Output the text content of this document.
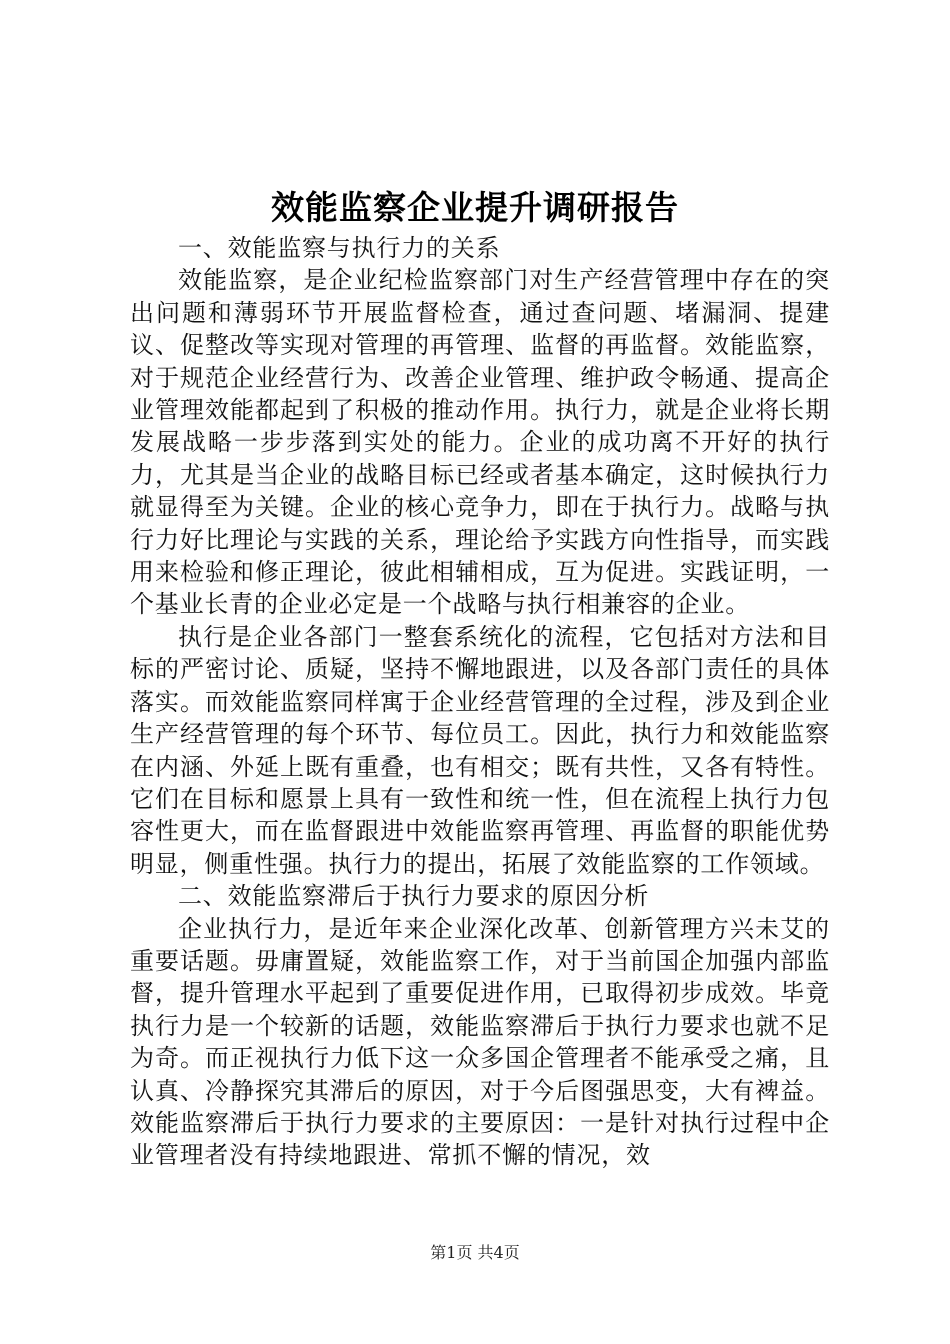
效能监察企业提升调研报告

一、效能监察与执行力的关系

效能监察，是企业纪检监察部门对生产经营管理中存在的突出问题和薄弱环节开展监督检查，通过查问题、堵漏洞、提建议、促整改等实现对管理的再管理、监督的再监督。效能监察，对于规范企业经营行为、改善企业管理、维护政令畅通、提高企业管理效能都起到了积极的推动作用。执行力，就是企业将长期发展战略一步步落到实处的能力。企业的成功离不开好的执行力，尤其是当企业的战略目标已经或者基本确定，这时候执行力就显得至为关键。企业的核心竞争力，即在于执行力。战略与执行力好比理论与实践的关系，理论给予实践方向性指导，而实践用来检验和修正理论，彼此相辅相成，互为促进。实践证明，一个基业长青的企业必定是一个战略与执行相兼容的企业。

执行是企业各部门一整套系统化的流程，它包括对方法和目标的严密讨论、质疑，坚持不懈地跟进，以及各部门责任的具体落实。而效能监察同样寓于企业经营管理的全过程，涉及到企业生产经营管理的每个环节、每位员工。因此，执行力和效能监察在内涵、外延上既有重叠，也有相交；既有共性，又各有特性。它们在目标和愿景上具有一致性和统一性，但在流程上执行力包容性更大，而在监督跟进中效能监察再管理、再监督的职能优势明显，侧重性强。执行力的提出，拓展了效能监察的工作领域。

二、效能监察滞后于执行力要求的原因分析

企业执行力，是近年来企业深化改革、创新管理方兴未艾的重要话题。毋庸置疑，效能监察工作，对于当前国企加强内部监督，提升管理水平起到了重要促进作用，已取得初步成效。毕竟执行力是一个较新的话题，效能监察滞后于执行力要求也就不足为奇。而正视执行力低下这一众多国企管理者不能承受之痛，且认真、冷静探究其滞后的原因，对于今后图强思变，大有裨益。效能监察滞后于执行力要求的主要原因：一是针对执行过程中企业管理者没有持续地跟进、常抓不懈的情况，效

第1页 共4页
